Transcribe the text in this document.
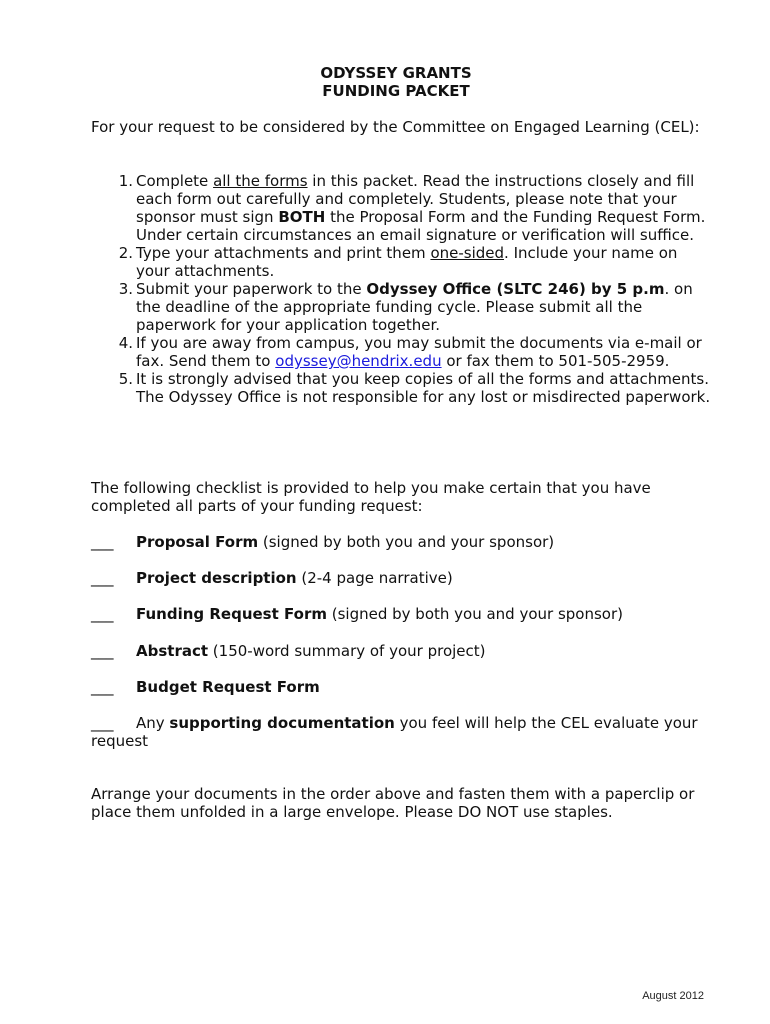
ODYSSEY GRANTS
FUNDING PACKET
For your request to be considered by the Committee on Engaged Learning (CEL):
1. Complete all the forms in this packet. Read the instructions closely and fill each form out carefully and completely. Students, please note that your sponsor must sign BOTH the Proposal Form and the Funding Request Form. Under certain circumstances an email signature or verification will suffice.
2. Type your attachments and print them one-sided. Include your name on your attachments.
3. Submit your paperwork to the Odyssey Office (SLTC 246) by 5 p.m. on the deadline of the appropriate funding cycle. Please submit all the paperwork for your application together.
4. If you are away from campus, you may submit the documents via e-mail or fax. Send them to odyssey@hendrix.edu or fax them to 501-505-2959.
5. It is strongly advised that you keep copies of all the forms and attachments. The Odyssey Office is not responsible for any lost or misdirected paperwork.
The following checklist is provided to help you make certain that you have completed all parts of your funding request:
___ Proposal Form (signed by both you and your sponsor)
___ Project description (2-4 page narrative)
___ Funding Request Form (signed by both you and your sponsor)
___ Abstract (150-word summary of your project)
___ Budget Request Form
___ Any supporting documentation you feel will help the CEL evaluate your request
Arrange your documents in the order above and fasten them with a paperclip or place them unfolded in a large envelope. Please DO NOT use staples.
August 2012
